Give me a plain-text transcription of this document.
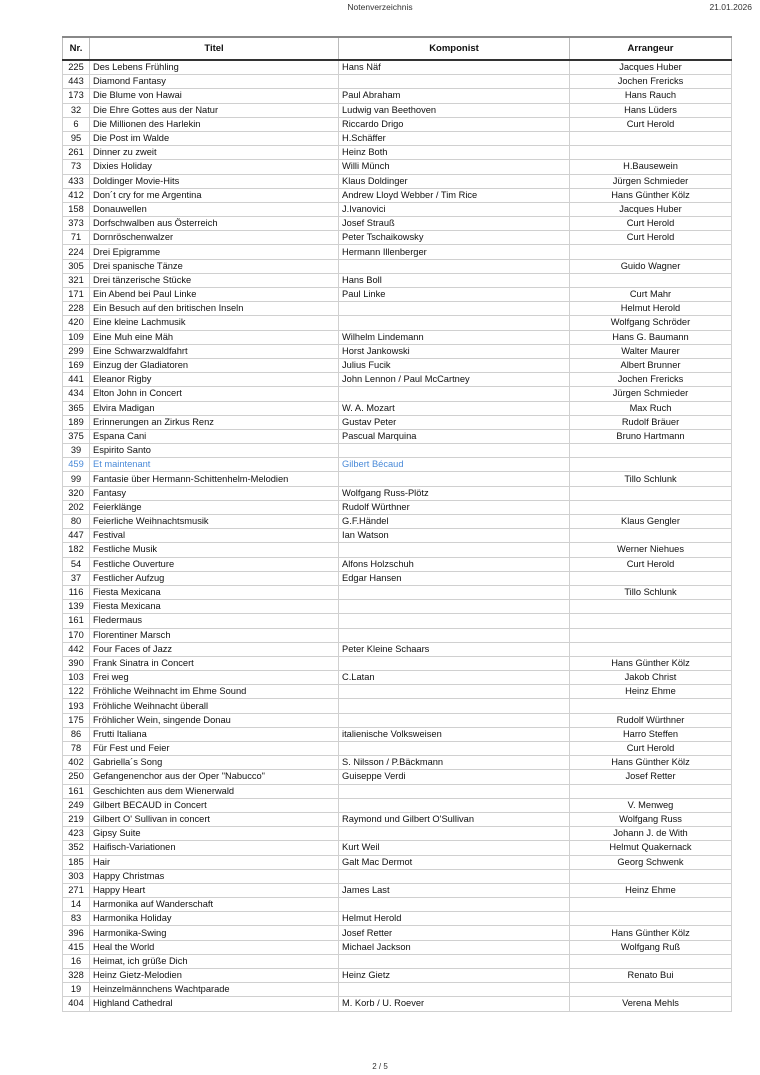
Notenverzeichnis	21.01.2026
Nr.	Titel	Komponist	Arrangeur
225	Des Lebens Frühling	Hans Näf	Jacques Huber
443	Diamond Fantasy		Jochen Frericks
173	Die Blume von Hawai	Paul Abraham	Hans Rauch
32	Die Ehre Gottes aus der Natur	Ludwig van Beethoven	Hans Lüders
6	Die Millionen des Harlekin	Riccardo Drigo	Curt Herold
95	Die Post im Walde	H.Schäffer	
261	Dinner zu zweit	Heinz Both	
73	Dixies Holiday	Willi Münch	H.Bausewein
433	Doldinger Movie-Hits	Klaus Doldinger	Jürgen Schmieder
412	Don´t cry for me Argentina	Andrew Lloyd Webber / Tim Rice	Hans Günther Kölz
158	Donauwellen	J.Ivanovici	Jacques Huber
373	Dorfschwalben aus Österreich	Josef Strauß	Curt Herold
71	Dornröschenwalzer	Peter Tschaikowsky	Curt Herold
224	Drei Epigramme	Hermann Illenberger	
305	Drei spanische Tänze		Guido Wagner
321	Drei tänzerische Stücke	Hans Boll	
171	Ein Abend bei Paul Linke	Paul Linke	Curt Mahr
228	Ein Besuch auf den britischen Inseln		Helmut Herold
420	Eine kleine Lachmusik		Wolfgang Schröder
109	Eine Muh eine Mäh	Wilhelm Lindemann	Hans G. Baumann
299	Eine Schwarzwaldfahrt	Horst Jankowski	Walter Maurer
169	Einzug der Gladiatoren	Julius Fucik	Albert Brunner
441	Eleanor Rigby	John Lennon / Paul McCartney	Jochen Frericks
434	Elton John in Concert		Jürgen Schmieder
365	Elvira Madigan	W. A. Mozart	Max Ruch
189	Erinnerungen an Zirkus Renz	Gustav Peter	Rudolf Bräuer
375	Espana Cani	Pascual Marquina	Bruno Hartmann
39	Espirito Santo		
459	Et maintenant	Gilbert Bécaud	
99	Fantasie über Hermann-Schittenhelm-Melodien		Tillo Schlunk
320	Fantasy	Wolfgang Russ-Plötz	
202	Feierklänge	Rudolf Würthner	
80	Feierliche Weihnachtsmusik	G.F.Händel	Klaus Gengler
447	Festival	Ian Watson	
182	Festliche Musik		Werner Niehues
54	Festliche Ouverture	Alfons Holzschuh	Curt Herold
37	Festlicher Aufzug	Edgar Hansen	
116	Fiesta Mexicana		Tillo Schlunk
139	Fiesta Mexicana		
161	Fledermaus		
170	Florentiner Marsch		
442	Four Faces of Jazz	Peter Kleine Schaars	
390	Frank Sinatra in Concert		Hans Günther Kölz
103	Frei weg	C.Latan	Jakob Christ
122	Fröhliche Weihnacht im Ehme Sound		Heinz Ehme
193	Fröhliche Weihnacht überall		
175	Fröhlicher Wein, singende Donau		Rudolf Würthner
86	Frutti Italiana	italienische Volksweisen	Harro Steffen
78	Für Fest und Feier		Curt Herold
402	Gabriella´s Song	S. Nilsson / P.Bäckmann	Hans Günther Kölz
250	Gefangenenchor aus der Oper "Nabucco"	Guiseppe Verdi	Josef Retter
161	Geschichten aus dem Wienerwald		
249	Gilbert BECAUD in Concert		V. Menweg
219	Gilbert O' Sullivan in concert	Raymond und Gilbert O'Sullivan	Wolfgang Russ
423	Gipsy Suite		Johann J. de With
352	Haifisch-Variationen	Kurt Weil	Helmut Quakernack
185	Hair	Galt Mac Dermot	Georg Schwenk
303	Happy Christmas		
271	Happy Heart	James Last	Heinz Ehme
14	Harmonika auf Wanderschaft		
83	Harmonika Holiday	Helmut Herold	
396	Harmonika-Swing	Josef Retter	Hans Günther Kölz
415	Heal the World	Michael Jackson	Wolfgang Ruß
16	Heimat, ich grüße Dich		
328	Heinz Gietz-Melodien	Heinz Gietz	Renato Bui
19	Heinzelmännchens Wachtparade		
404	Highland Cathedral	M. Korb / U. Roever	Verena Mehls
2 / 5
